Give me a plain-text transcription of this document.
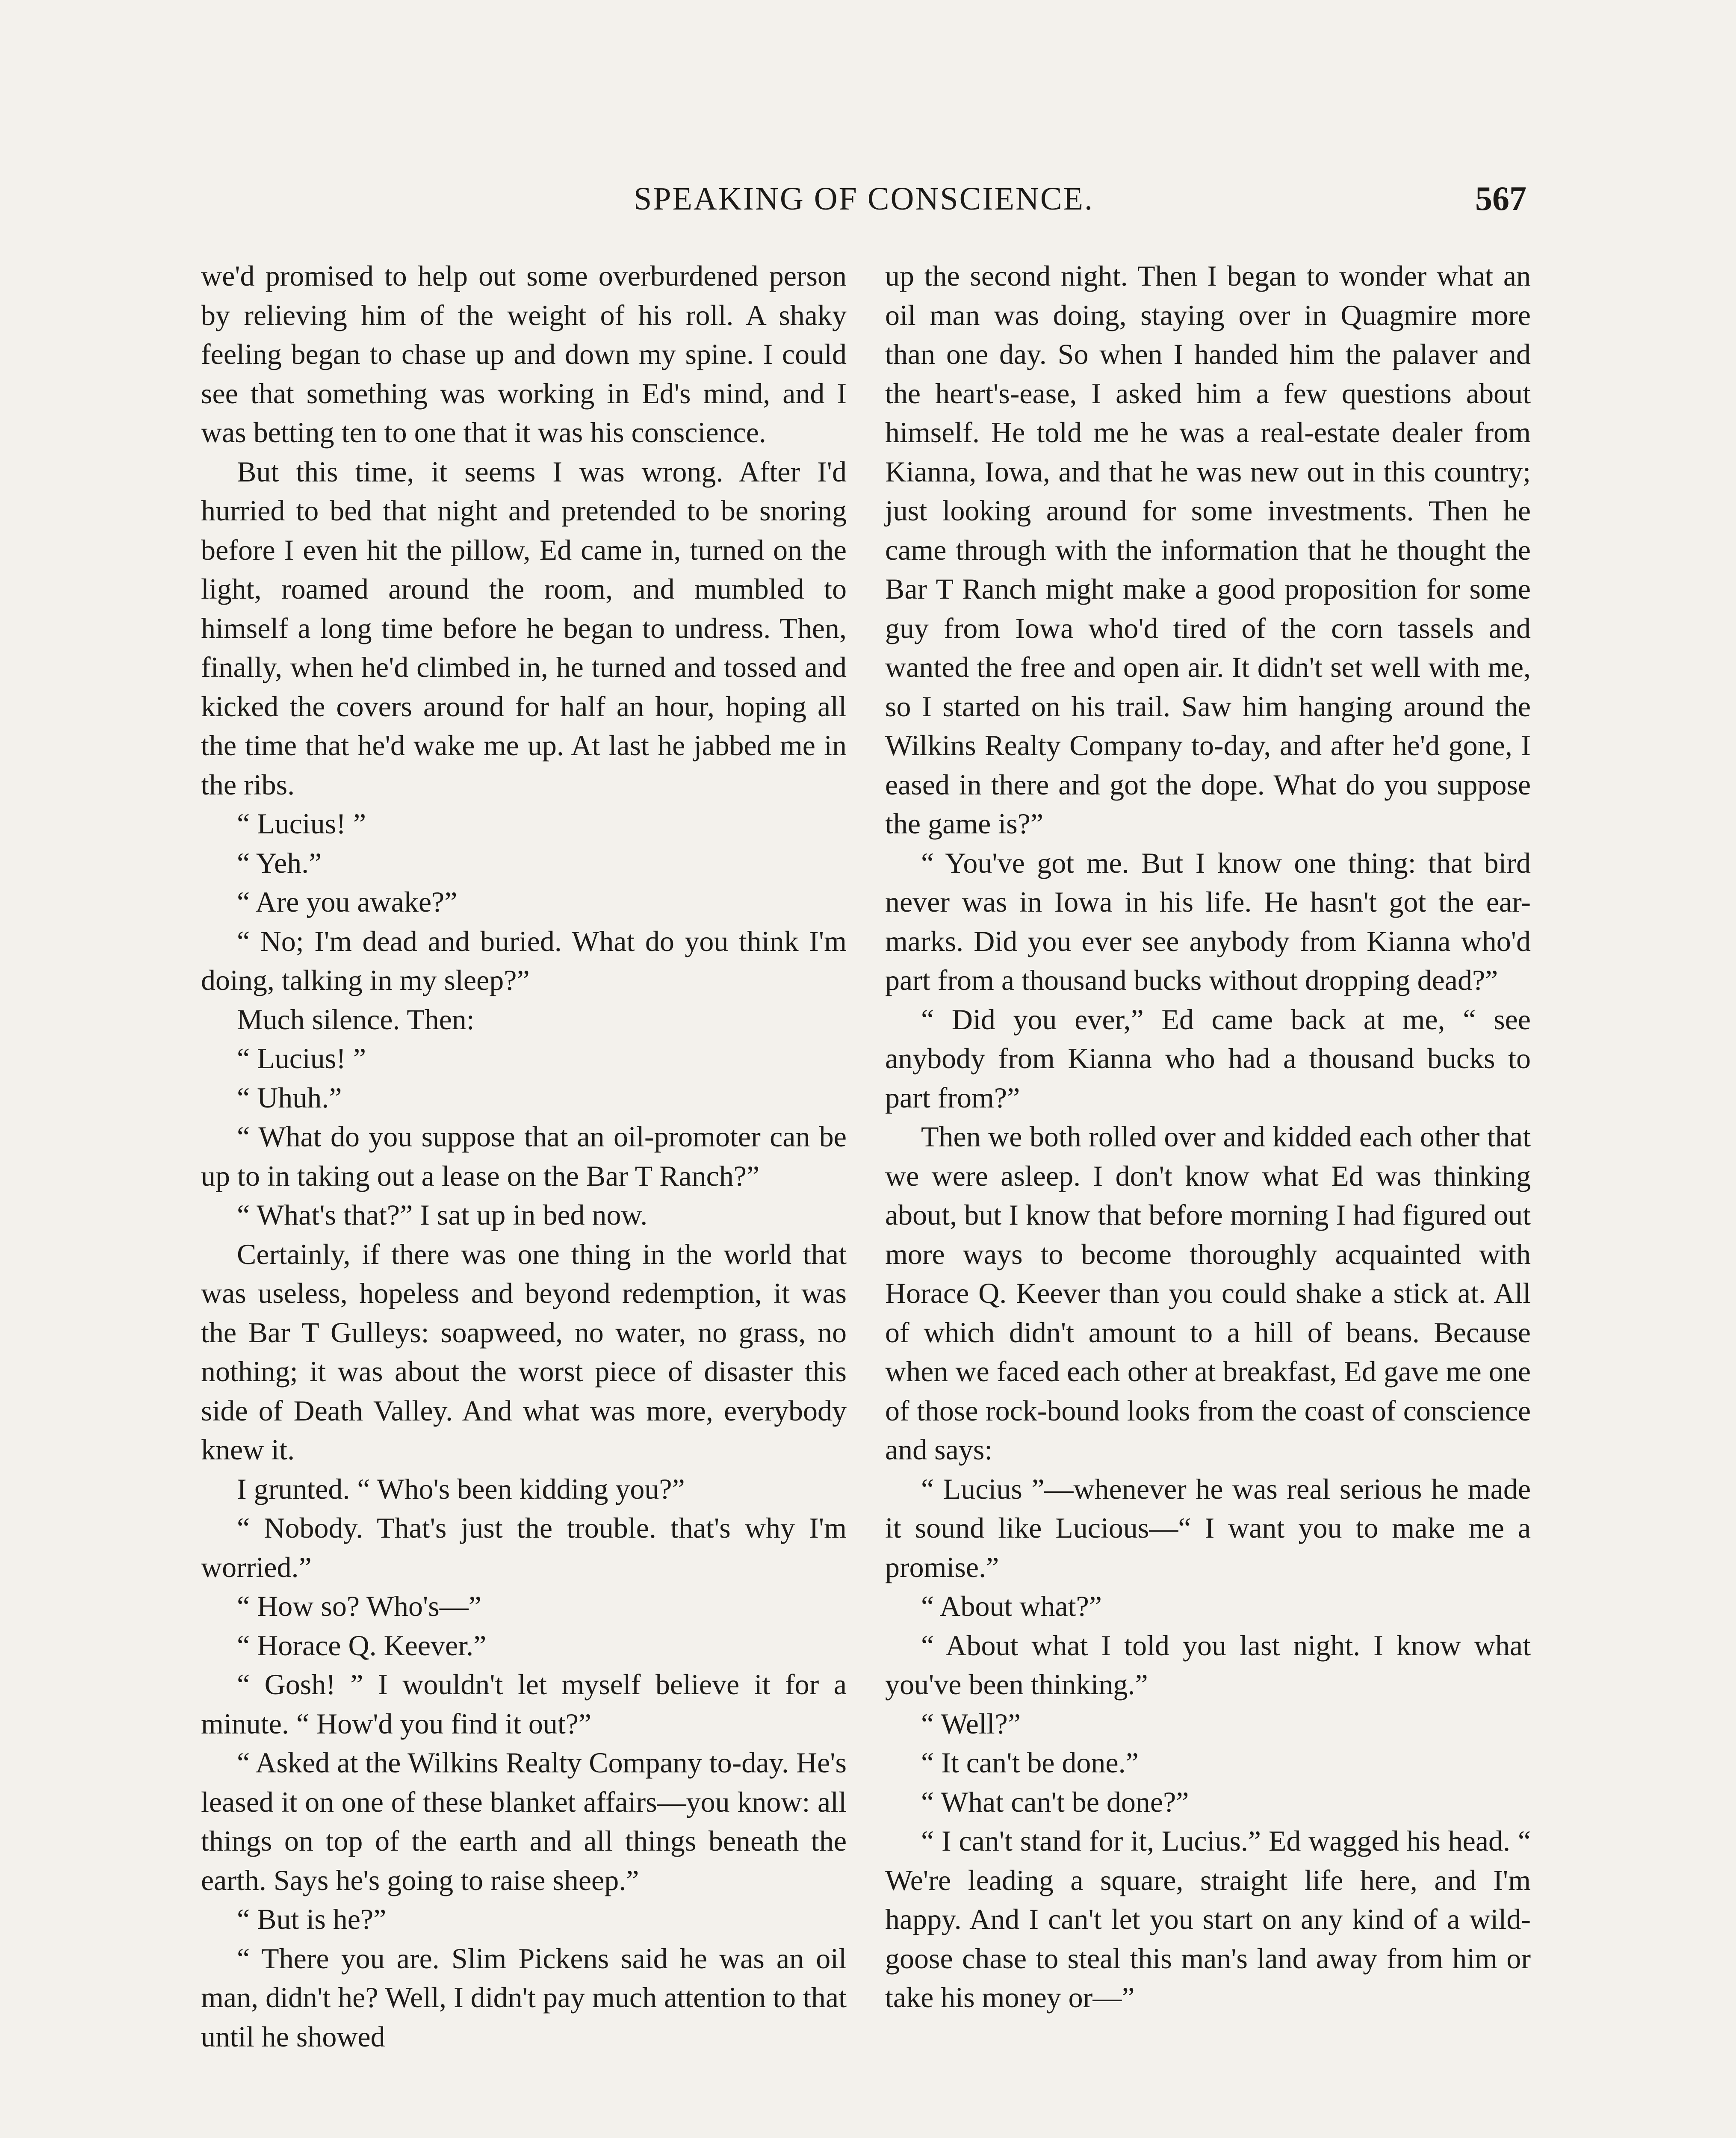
SPEAKING OF CONSCIENCE.	567

we'd promised to help out some overburdened person by relieving him of the weight of his roll. A shaky feeling began to chase up and down my spine. I could see that something was working in Ed's mind, and I was betting ten to one that it was his conscience.

But this time, it seems I was wrong. After I'd hurried to bed that night and pretended to be snoring before I even hit the pillow, Ed came in, turned on the light, roamed around the room, and mumbled to himself a long time before he began to undress. Then, finally, when he'd climbed in, he turned and tossed and kicked the covers around for half an hour, hoping all the time that he'd wake me up. At last he jabbed me in the ribs.

“ Lucius! ”

“ Yeh.”

“ Are you awake?”

“ No; I'm dead and buried. What do you think I'm doing, talking in my sleep?”

Much silence. Then:

“ Lucius! ”

“ Uhuh.”

“ What do you suppose that an oil-promoter can be up to in taking out a lease on the Bar T Ranch?”

“ What's that?” I sat up in bed now.

Certainly, if there was one thing in the world that was useless, hopeless and beyond redemption, it was the Bar T Gulleys: soapweed, no water, no grass, no nothing; it was about the worst piece of disaster this side of Death Valley. And what was more, everybody knew it.

I grunted. “ Who's been kidding you?”

“ Nobody. That's just the trouble. that's why I'm worried.”

“ How so? Who's—”

“ Horace Q. Keever.”

“ Gosh! ” I wouldn't let myself believe it for a minute. “ How'd you find it out?”

“ Asked at the Wilkins Realty Company to-day. He's leased it on one of these blanket affairs—you know: all things on top of the earth and all things beneath the earth. Says he's going to raise sheep.”

“ But is he?”

“ There you are. Slim Pickens said he was an oil man, didn't he? Well, I didn't pay much attention to that until he showed

up the second night. Then I began to wonder what an oil man was doing, staying over in Quagmire more than one day. So when I handed him the palaver and the heart's-ease, I asked him a few questions about himself. He told me he was a real-estate dealer from Kianna, Iowa, and that he was new out in this country; just looking around for some investments. Then he came through with the information that he thought the Bar T Ranch might make a good proposition for some guy from Iowa who'd tired of the corn tassels and wanted the free and open air. It didn't set well with me, so I started on his trail. Saw him hanging around the Wilkins Realty Company to-day, and after he'd gone, I eased in there and got the dope. What do you suppose the game is?”

“ You've got me. But I know one thing: that bird never was in Iowa in his life. He hasn't got the ear-marks. Did you ever see anybody from Kianna who'd part from a thousand bucks without dropping dead?”

“ Did you ever,” Ed came back at me, “ see anybody from Kianna who had a thousand bucks to part from?”

Then we both rolled over and kidded each other that we were asleep. I don't know what Ed was thinking about, but I know that before morning I had figured out more ways to become thoroughly acquainted with Horace Q. Keever than you could shake a stick at. All of which didn't amount to a hill of beans. Because when we faced each other at breakfast, Ed gave me one of those rock-bound looks from the coast of conscience and says:

“ Lucius ”—whenever he was real serious he made it sound like Lucious—“ I want you to make me a promise.”

“ About what?”

“ About what I told you last night. I know what you've been thinking.”

“ Well?”

“ It can't be done.”

“ What can't be done?”

“ I can't stand for it, Lucius.” Ed wagged his head. “ We're leading a square, straight life here, and I'm happy. And I can't let you start on any kind of a wild-goose chase to steal this man's land away from him or take his money or—”
